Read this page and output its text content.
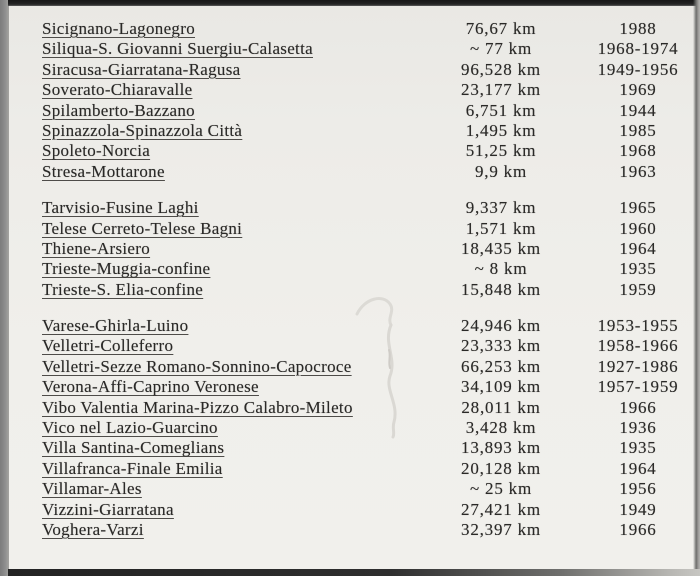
Sicignano-Lagonegro	76,67 km	1988
Siliqua-S. Giovanni Suergiu-Calasetta	~ 77 km	1968-1974
Siracusa-Giarratana-Ragusa	96,528 km	1949-1956
Soverato-Chiaravalle	23,177 km	1969
Spilamberto-Bazzano	6,751 km	1944
Spinazzola-Spinazzola Città	1,495 km	1985
Spoleto-Norcia	51,25 km	1968
Stresa-Mottarone	9,9 km	1963
Tarvisio-Fusine Laghi	9,337 km	1965
Telese Cerreto-Telese Bagni	1,571 km	1960
Thiene-Arsiero	18,435 km	1964
Trieste-Muggia-confine	~ 8 km	1935
Trieste-S. Elia-confine	15,848 km	1959
Varese-Ghirla-Luino	24,946 km	1953-1955
Velletri-Colleferro	23,333 km	1958-1966
Velletri-Sezze Romano-Sonnino-Capocroce	66,253 km	1927-1986
Verona-Affi-Caprino Veronese	34,109 km	1957-1959
Vibo Valentia Marina-Pizzo Calabro-Mileto	28,011 km	1966
Vico nel Lazio-Guarcino	3,428 km	1936
Villa Santina-Comeglians	13,893 km	1935
Villafranca-Finale Emilia	20,128 km	1964
Villamar-Ales	~ 25 km	1956
Vizzini-Giarratana	27,421 km	1949
Voghera-Varzi	32,397 km	1966
